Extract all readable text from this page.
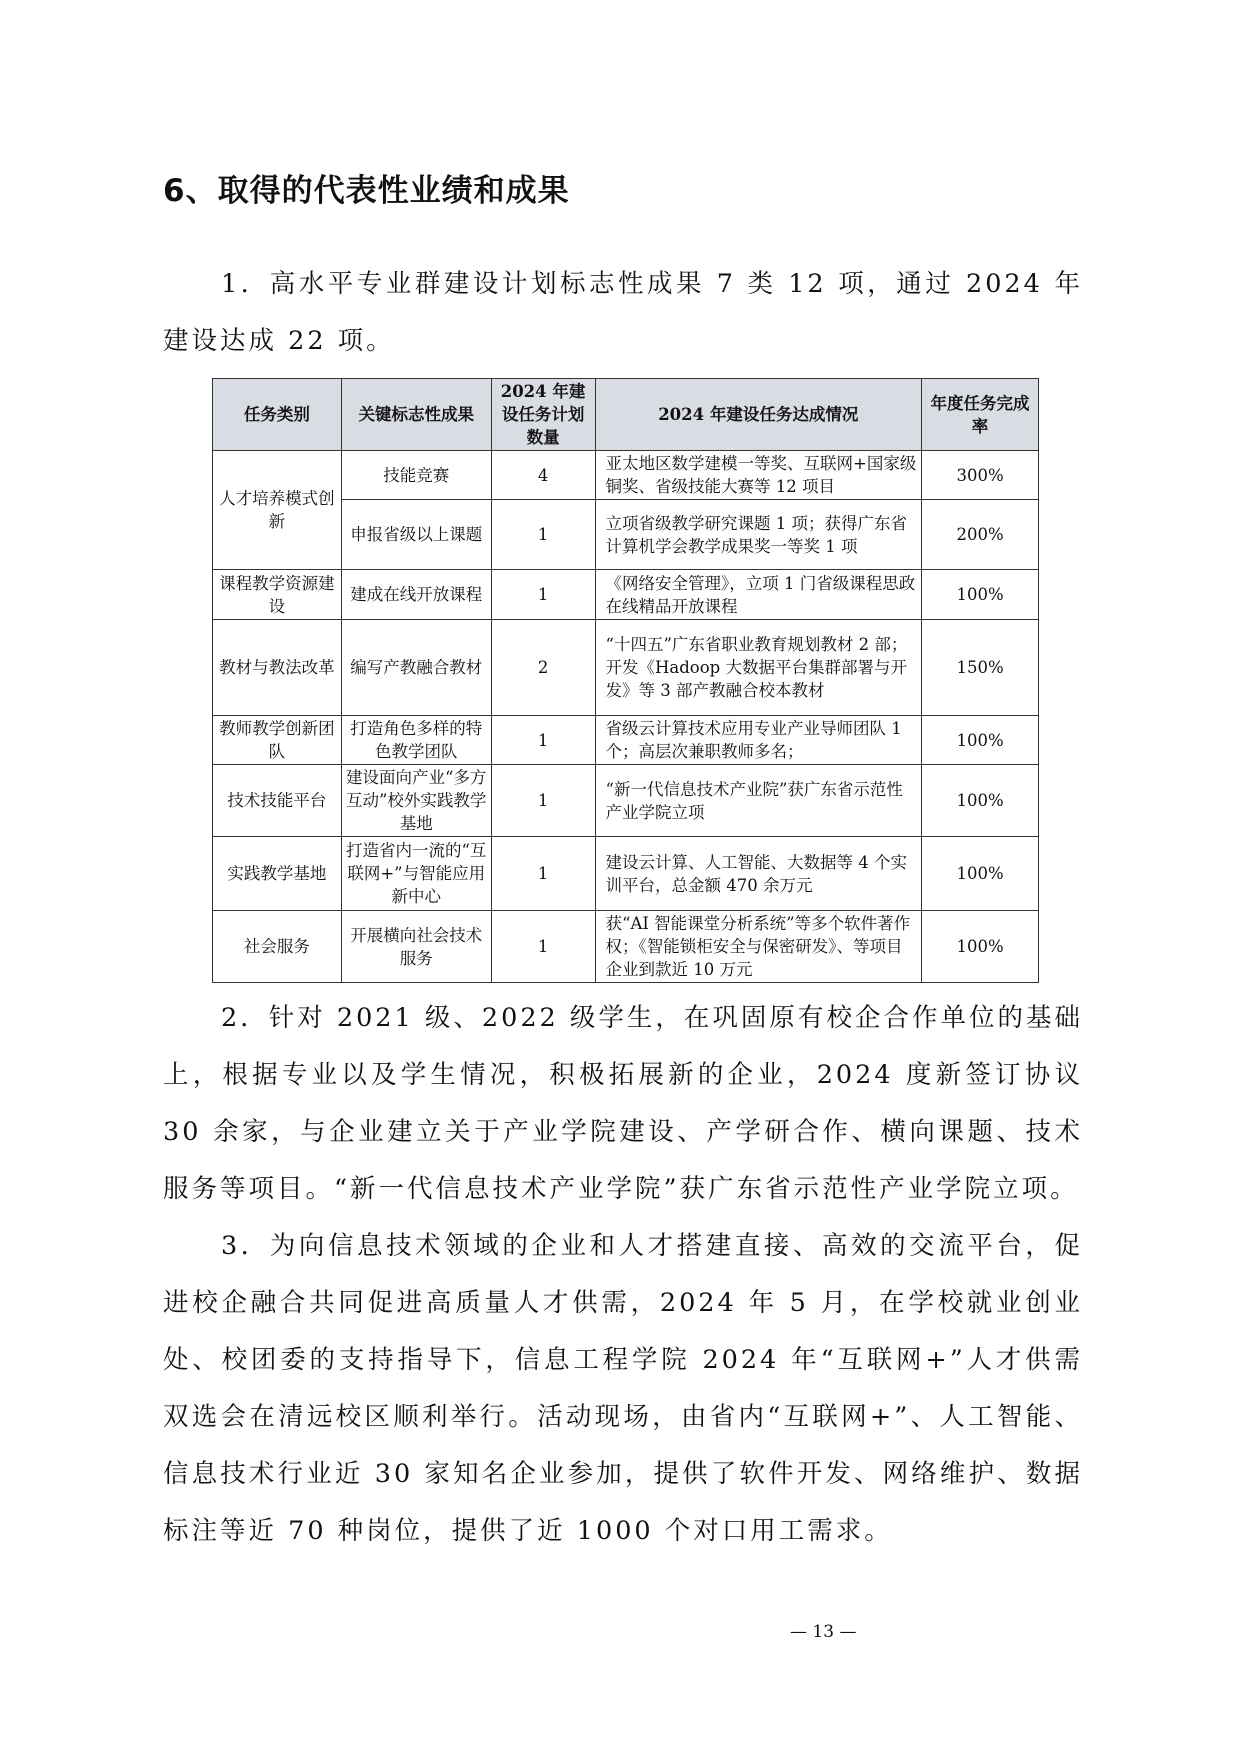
6、取得的代表性业绩和成果

1．高水平专业群建设计划标志性成果 7 类 12 项，通过 2024 年建设达成 22 项。

任务类别	关键标志性成果	2024 年建设任务计划数量	2024 年建设任务达成情况	年度任务完成率
人才培养模式创新	技能竞赛	4	亚太地区数学建模一等奖、互联网+国家级铜奖、省级技能大赛等 12 项目	300%
	申报省级以上课题	1	立项省级教学研究课题 1 项；获得广东省计算机学会教学成果奖一等奖 1 项	200%
课程教学资源建设	建成在线开放课程	1	《网络安全管理》，立项 1 门省级课程思政在线精品开放课程	100%
教材与教法改革	编写产教融合教材	2	“十四五”广东省职业教育规划教材 2 部；开发《Hadoop 大数据平台集群部署与开发》等 3 部产教融合校本教材	150%
教师教学创新团队	打造角色多样的特色教学团队	1	省级云计算技术应用专业产业导师团队 1 个；高层次兼职教师多名；	100%
技术技能平台	建设面向产业“多方互动”校外实践教学基地	1	“新一代信息技术产业院”获广东省示范性产业学院立项	100%
实践教学基地	打造省内一流的“互联网+”与智能应用新中心	1	建设云计算、人工智能、大数据等 4 个实训平台，总金额 470 余万元	100%
社会服务	开展横向社会技术服务	1	获“AI 智能课堂分析系统”等多个软件著作权；《智能锁柜安全与保密研发》、等项目企业到款近 10 万元	100%

2．针对 2021 级、2022 级学生，在巩固原有校企合作单位的基础上，根据专业以及学生情况，积极拓展新的企业，2024 度新签订协议 30 余家，与企业建立关于产业学院建设、产学研合作、横向课题、技术服务等项目。“新一代信息技术产业学院”获广东省示范性产业学院立项。

3．为向信息技术领域的企业和人才搭建直接、高效的交流平台，促进校企融合共同促进高质量人才供需，2024 年 5 月，在学校就业创业处、校团委的支持指导下，信息工程学院 2024 年“互联网+”人才供需双选会在清远校区顺利举行。活动现场，由省内“互联网+”、人工智能、信息技术行业近 30 家知名企业参加，提供了软件开发、网络维护、数据标注等近 70 种岗位，提供了近 1000 个对口用工需求。

— 13 —
